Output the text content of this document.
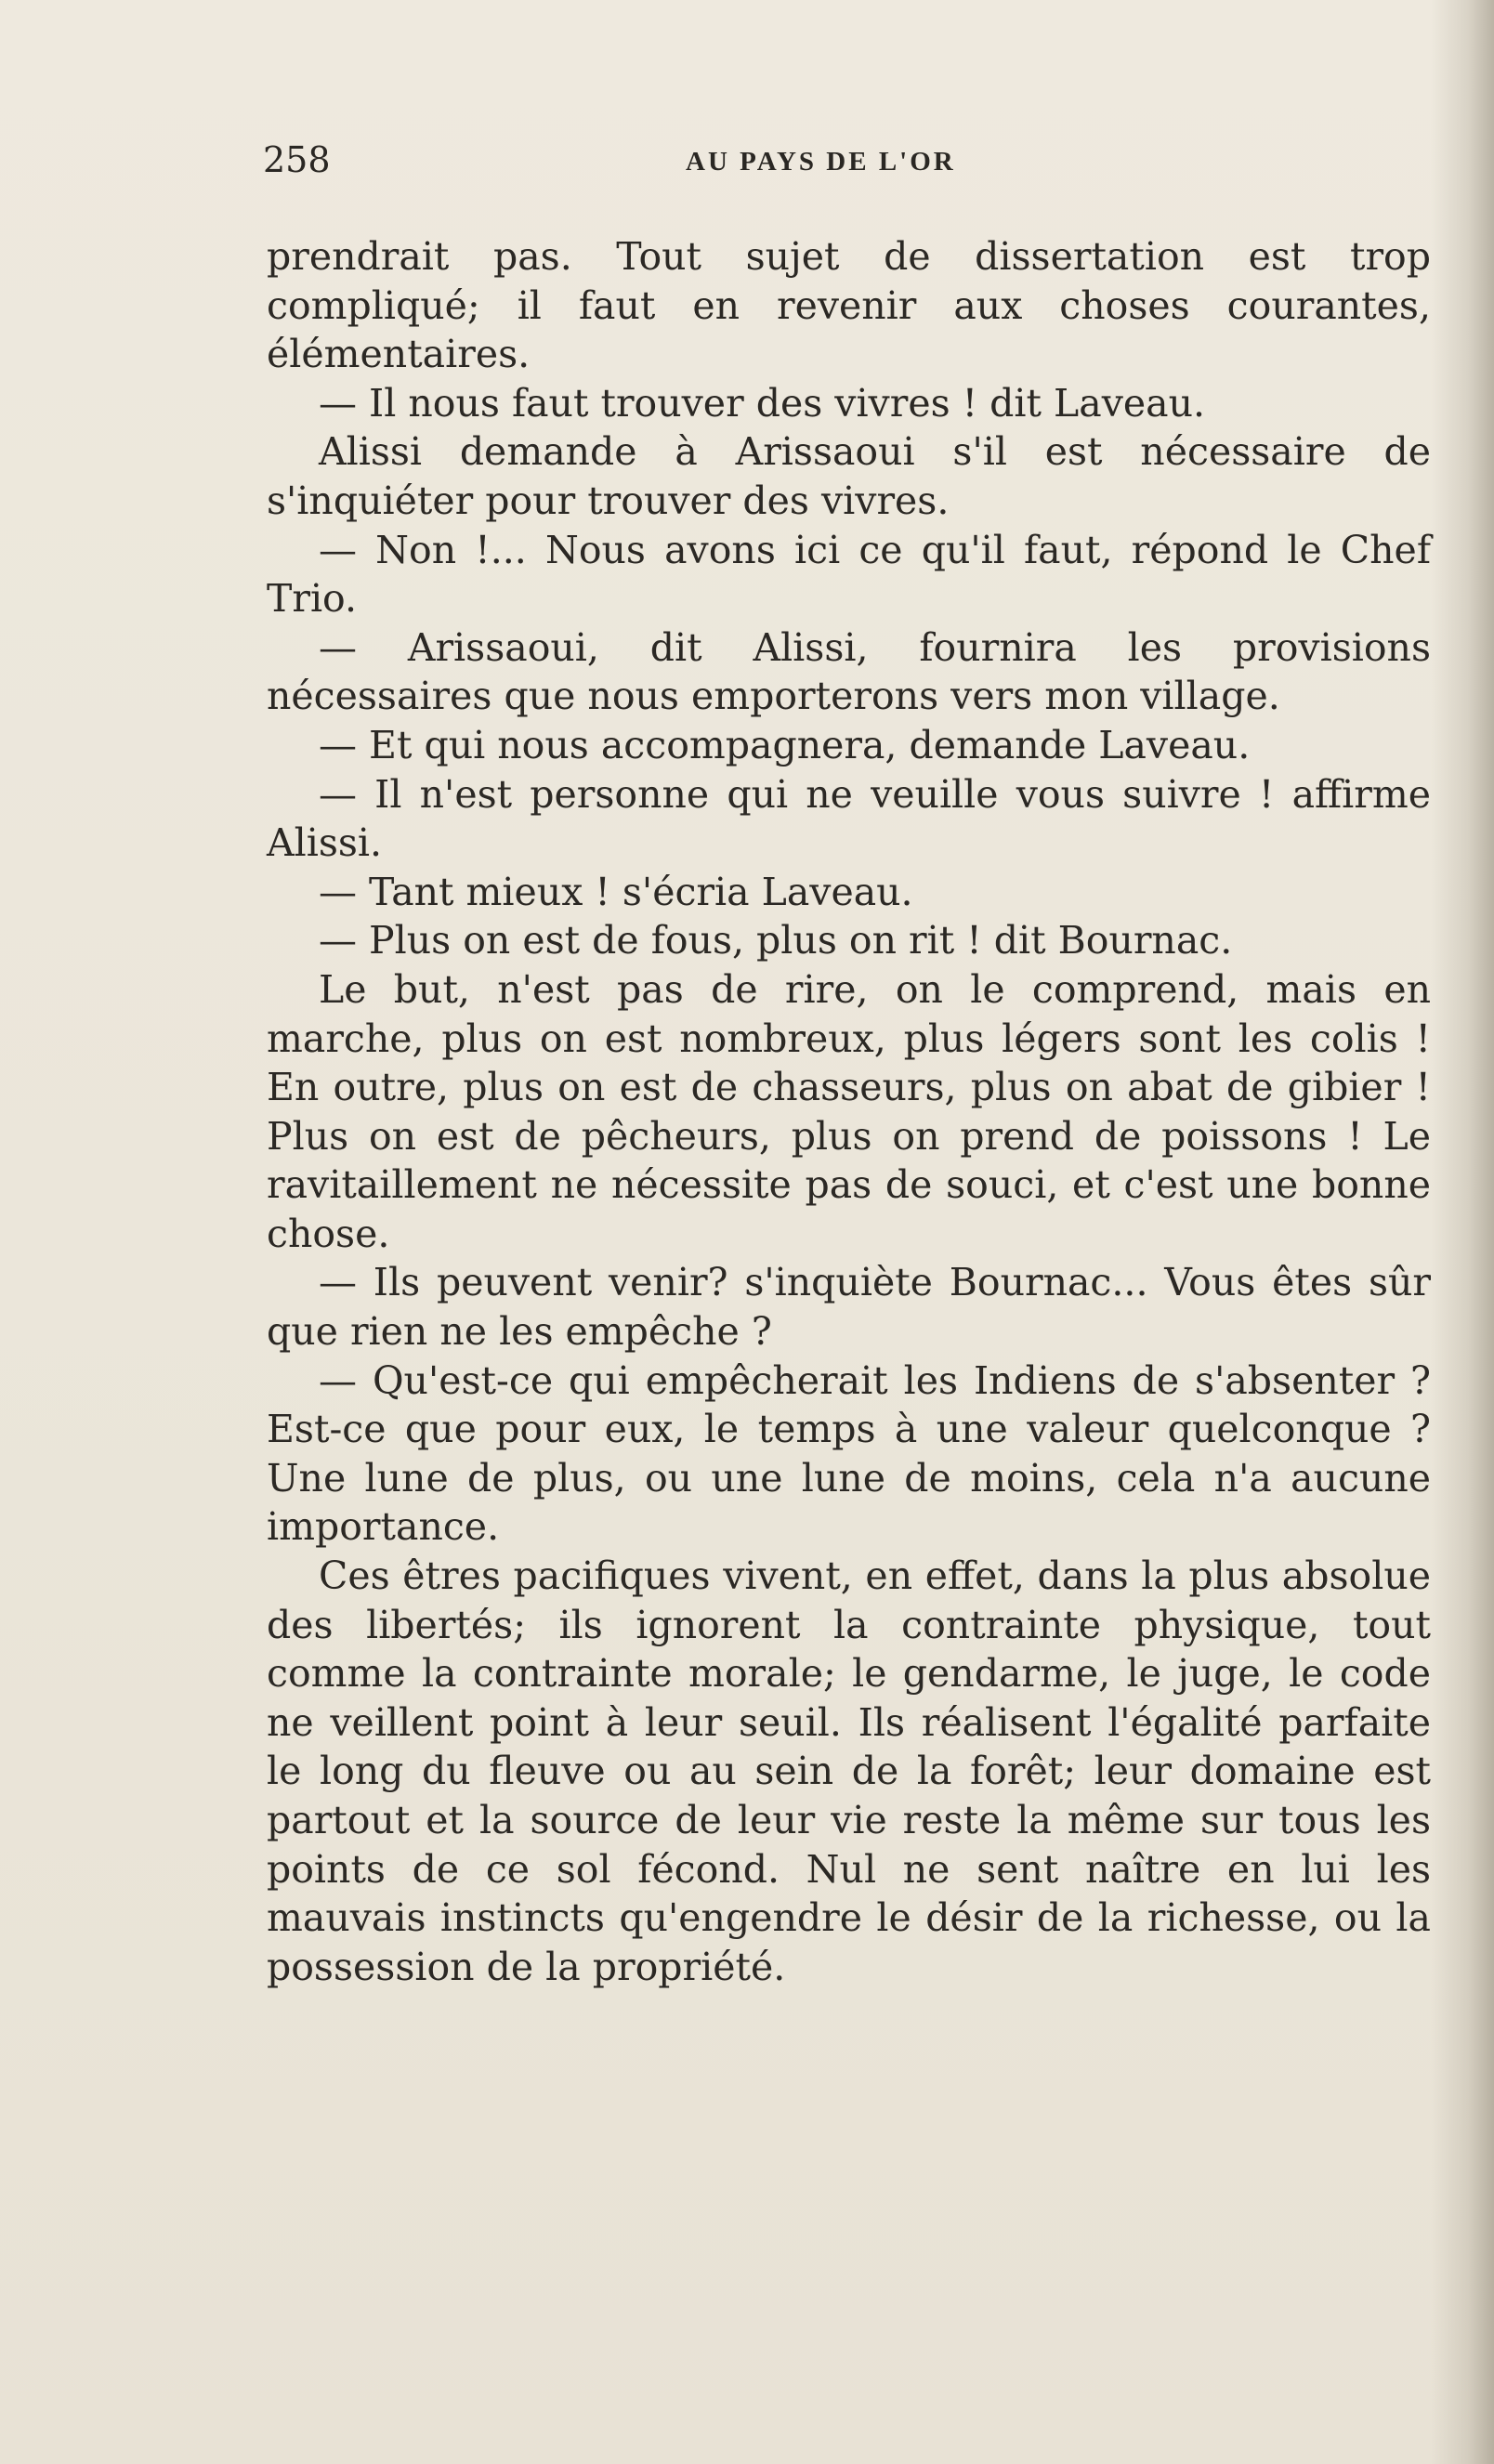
258	AU PAYS DE L'OR

prendrait pas. Tout sujet de dissertation est trop compliqué; il faut en revenir aux choses courantes, élémentaires.

— Il nous faut trouver des vivres ! dit Laveau.

Alissi demande à Arissaoui s'il est nécessaire de s'inquiéter pour trouver des vivres.

— Non !... Nous avons ici ce qu'il faut, répond le Chef Trio.

— Arissaoui, dit Alissi, fournira les provisions nécessaires que nous emporterons vers mon village.

— Et qui nous accompagnera, demande Laveau.

— Il n'est personne qui ne veuille vous suivre ! affirme Alissi.

— Tant mieux ! s'écria Laveau.

— Plus on est de fous, plus on rit ! dit Bournac.

Le but, n'est pas de rire, on le comprend, mais en marche, plus on est nombreux, plus légers sont les colis ! En outre, plus on est de chasseurs, plus on abat de gibier ! Plus on est de pêcheurs, plus on prend de poissons ! Le ravitaillement ne nécessite pas de souci, et c'est une bonne chose.

— Ils peuvent venir? s'inquiète Bournac... Vous êtes sûr que rien ne les empêche ?

— Qu'est-ce qui empêcherait les Indiens de s'absenter ? Est-ce que pour eux, le temps à une valeur quelconque ? Une lune de plus, ou une lune de moins, cela n'a aucune importance.

Ces êtres pacifiques vivent, en effet, dans la plus absolue des libertés; ils ignorent la contrainte physique, tout comme la contrainte morale; le gendarme, le juge, le code ne veillent point à leur seuil. Ils réalisent l'égalité parfaite le long du fleuve ou au sein de la forêt; leur domaine est partout et la source de leur vie reste la même sur tous les points de ce sol fécond. Nul ne sent naître en lui les mauvais instincts qu'engendre le désir de la richesse, ou la possession de la propriété.
